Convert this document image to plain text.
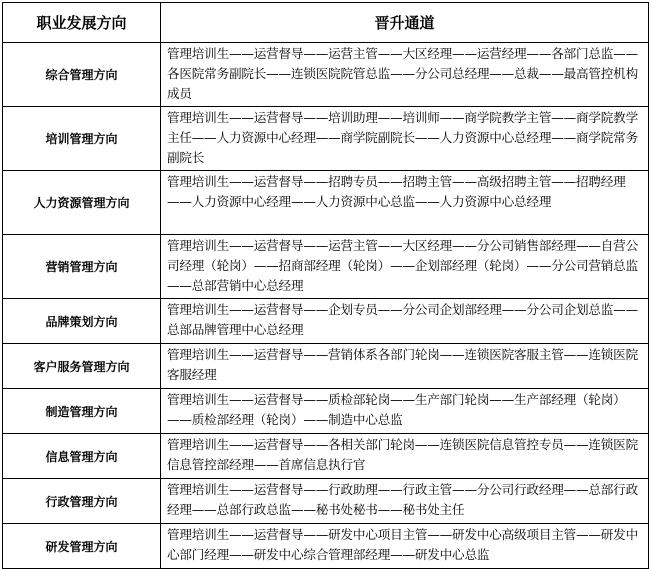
职业发展方向	晋升通道
综合管理方向	管理培训生——运营督导——运营主管——大区经理——运营经理——各部门总监——各医院常务副院长——连锁医院院管总监——分公司总经理——总裁——最高管控机构成员
培训管理方向	管理培训生——运营督导——培训助理——培训师——商学院教学主管——商学院教学主任——人力资源中心经理——商学院副院长——人力资源中心总经理——商学院常务副院长
人力资源管理方向	管理培训生——运营督导——招聘专员——招聘主管——高级招聘主管——招聘经理——人力资源中心经理——人力资源中心总监——人力资源中心总经理
营销管理方向	管理培训生——运营督导——运营主管——大区经理——分公司销售部经理——自营公司经理（轮岗）——招商部经理（轮岗）——企划部经理（轮岗）——分公司营销总监——总部营销中心总经理
品牌策划方向	管理培训生——运营督导——企划专员——分公司企划部经理——分公司企划总监——总部品牌管理中心总经理
客户服务管理方向	管理培训生——运营督导——营销体系各部门轮岗——连锁医院客服主管——连锁医院客服经理
制造管理方向	管理培训生——运营督导——质检部轮岗——生产部门轮岗——生产部经理（轮岗）——质检部经理（轮岗）——制造中心总监
信息管理方向	管理培训生——运营督导——各相关部门轮岗——连锁医院信息管控专员——连锁医院信息管控部经理——首席信息执行官
行政管理方向	管理培训生——运营督导——行政助理——行政主管——分公司行政经理——总部行政经理——总部行政总监——秘书处秘书——秘书处主任
研发管理方向	管理培训生——运营督导——研发中心项目主管——研发中心高级项目主管——研发中心部门经理——研发中心综合管理部经理——研发中心总监
